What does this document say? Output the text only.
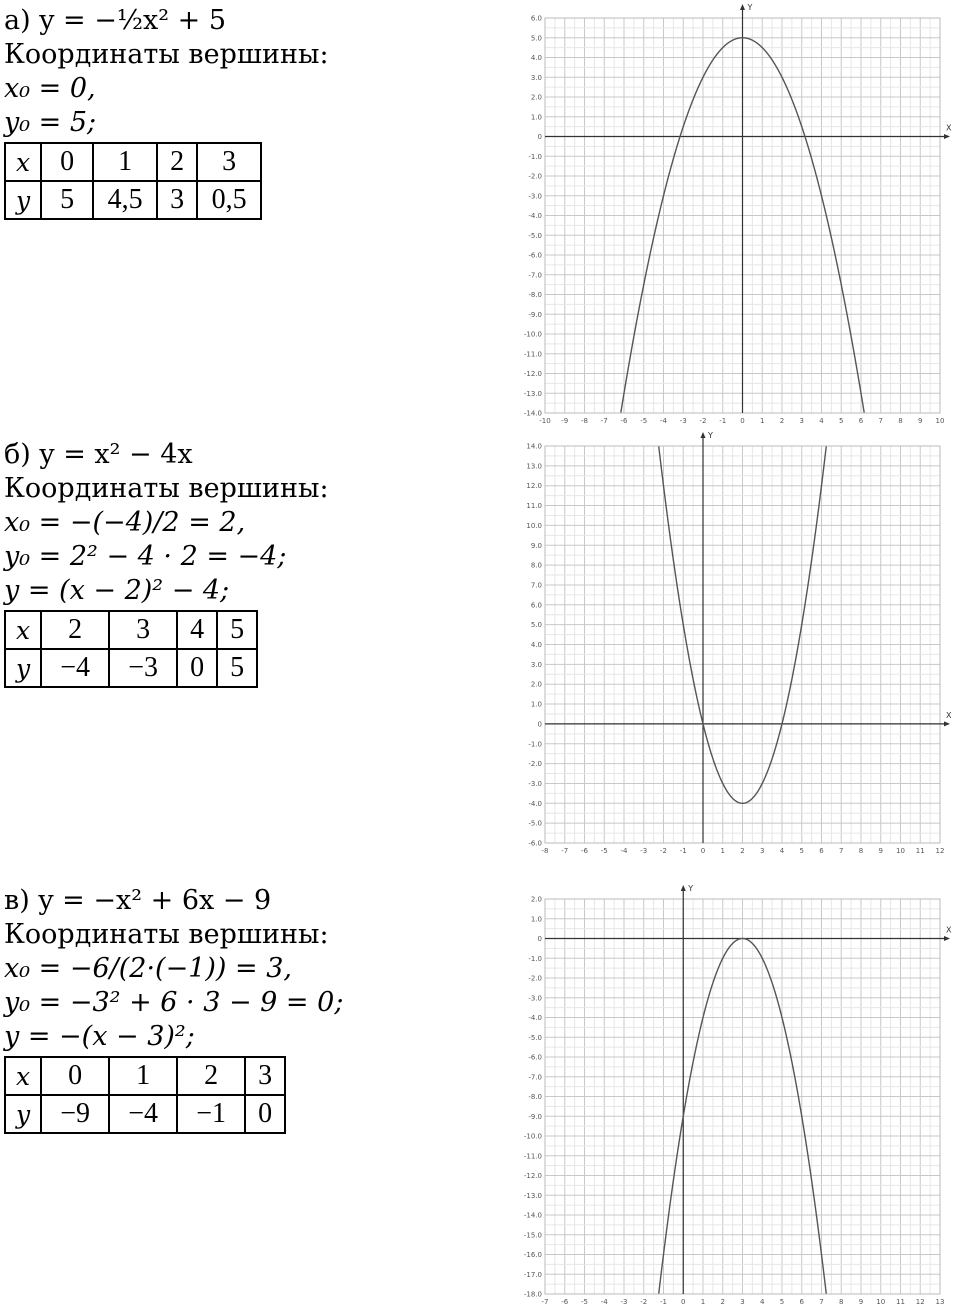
а) y = −½x² + 5
Координаты вершины:
x₀ = 0,
y₀ = 5;
x	0	1	2	3
y	5	4,5	3	0,5
б) y = x² − 4x
Координаты вершины:
x₀ = −(−4)/2 = 2,
y₀ = 2² − 4 · 2 = −4;
y = (x − 2)² − 4;
x	2	3	4	5
y	−4	−3	0	5
в) y = −x² + 6x − 9
Координаты вершины:
x₀ = −6/(2·(−1)) = 3,
y₀ = −3² + 6 · 3 − 9 = 0;
y = −(x − 3)²;
x	0	1	2	3
y	−9	−4	−1	0
X
Y
-10 -9 -8 -7 -6 -5 -4 -3 -2 -1 0 1 2 3 4 5 6 7 8 9 10
-14.0
-13.0
-12.0
-11.0
-10.0
-9.0
-8.0
-7.0
-6.0
-5.0
-4.0
-3.0
-2.0
-1.0
0
1.0
2.0
3.0
4.0
5.0
6.0
X
Y
-8 -7 -6 -5 -4 -3 -2 -1 0 1 2 3 4 5 6 7 8 9 10 11 12
-6.0
-5.0
-4.0
-3.0
-2.0
-1.0
0
1.0
2.0
3.0
4.0
5.0
6.0
7.0
8.0
9.0
10.0
11.0
12.0
13.0
14.0
X
Y
-7 -6 -5 -4 -3 -2 -1 0 1 2 3 4 5 6 7 8 9 10 11 12 13
-18.0
-17.0
-16.0
-15.0
-14.0
-13.0
-12.0
-11.0
-10.0
-9.0
-8.0
-7.0
-6.0
-5.0
-4.0
-3.0
-2.0
-1.0
0
1.0
2.0
